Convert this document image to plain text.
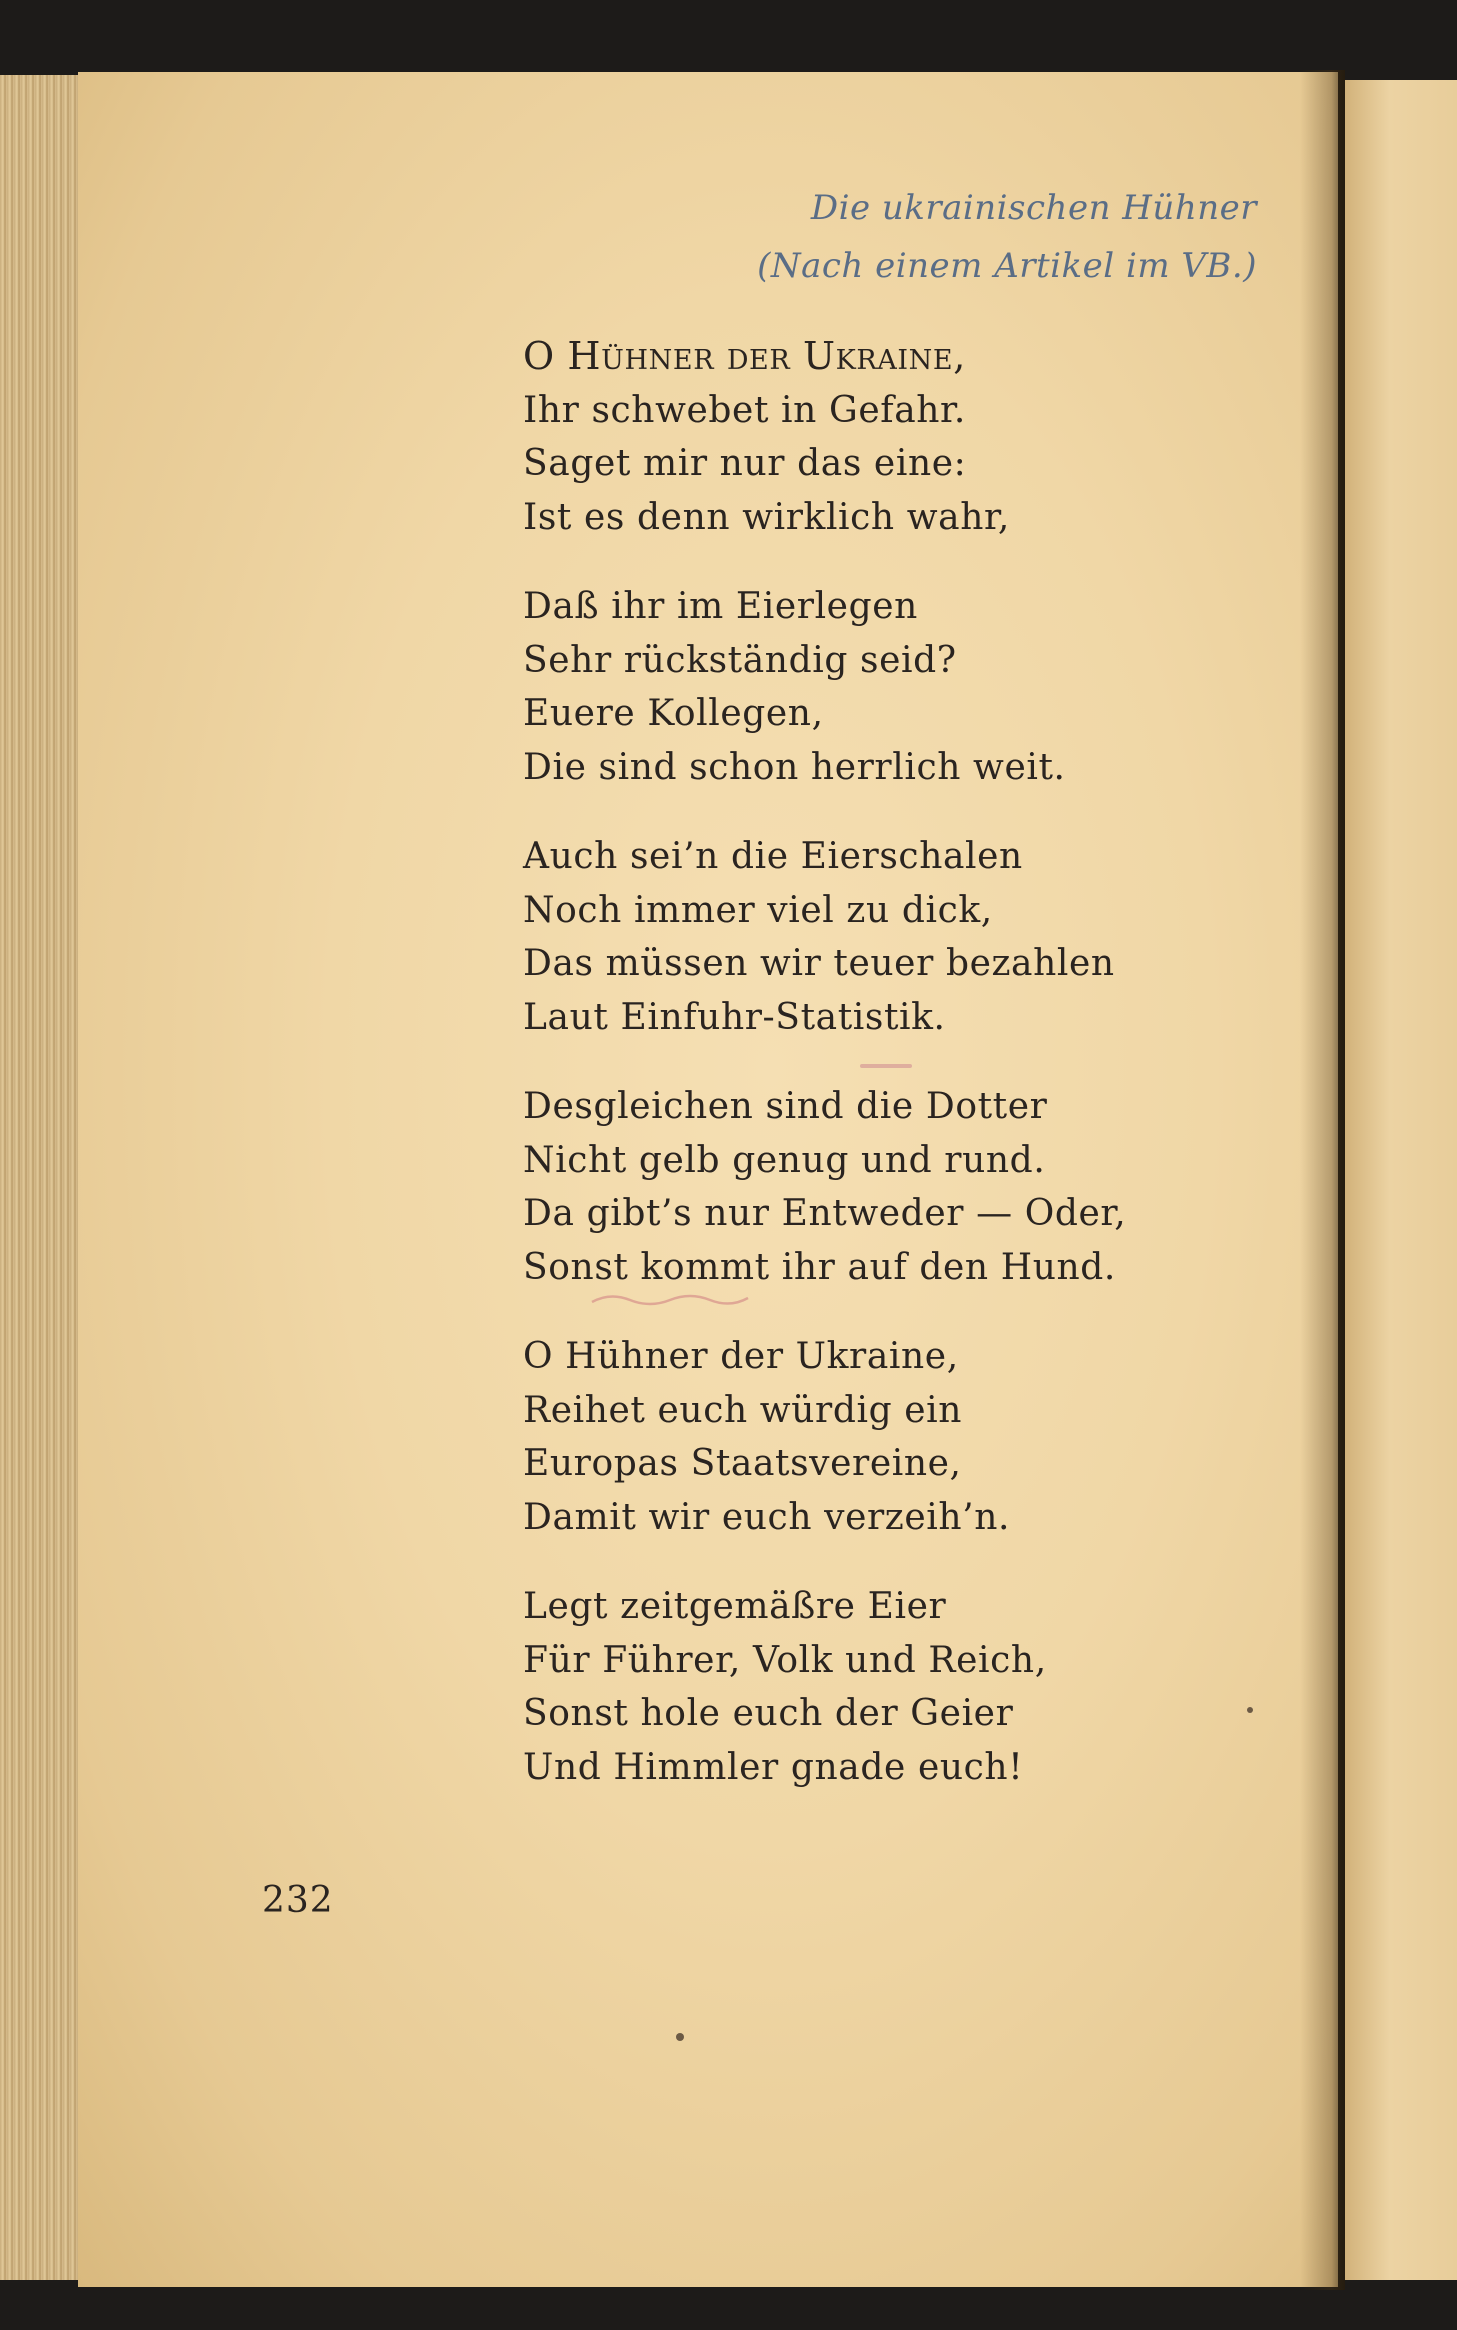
Die ukrainischen Hühner
(Nach einem Artikel im VB.)
O Hühner der Ukraine,
Ihr schwebet in Gefahr.
Saget mir nur das eine:
Ist es denn wirklich wahr,
Daß ihr im Eierlegen
Sehr rückständig seid?
Euere Kollegen,
Die sind schon herrlich weit.
Auch sei’n die Eierschalen
Noch immer viel zu dick,
Das müssen wir teuer bezahlen
Laut Einfuhr-Statistik.
Desgleichen sind die Dotter
Nicht gelb genug und rund.
Da gibt’s nur Entweder — Oder,
Sonst kommt ihr auf den Hund.
O Hühner der Ukraine,
Reihet euch würdig ein
Europas Staatsvereine,
Damit wir euch verzeih’n.
Legt zeitgemäßre Eier
Für Führer, Volk und Reich,
Sonst hole euch der Geier
Und Himmler gnade euch!
232
